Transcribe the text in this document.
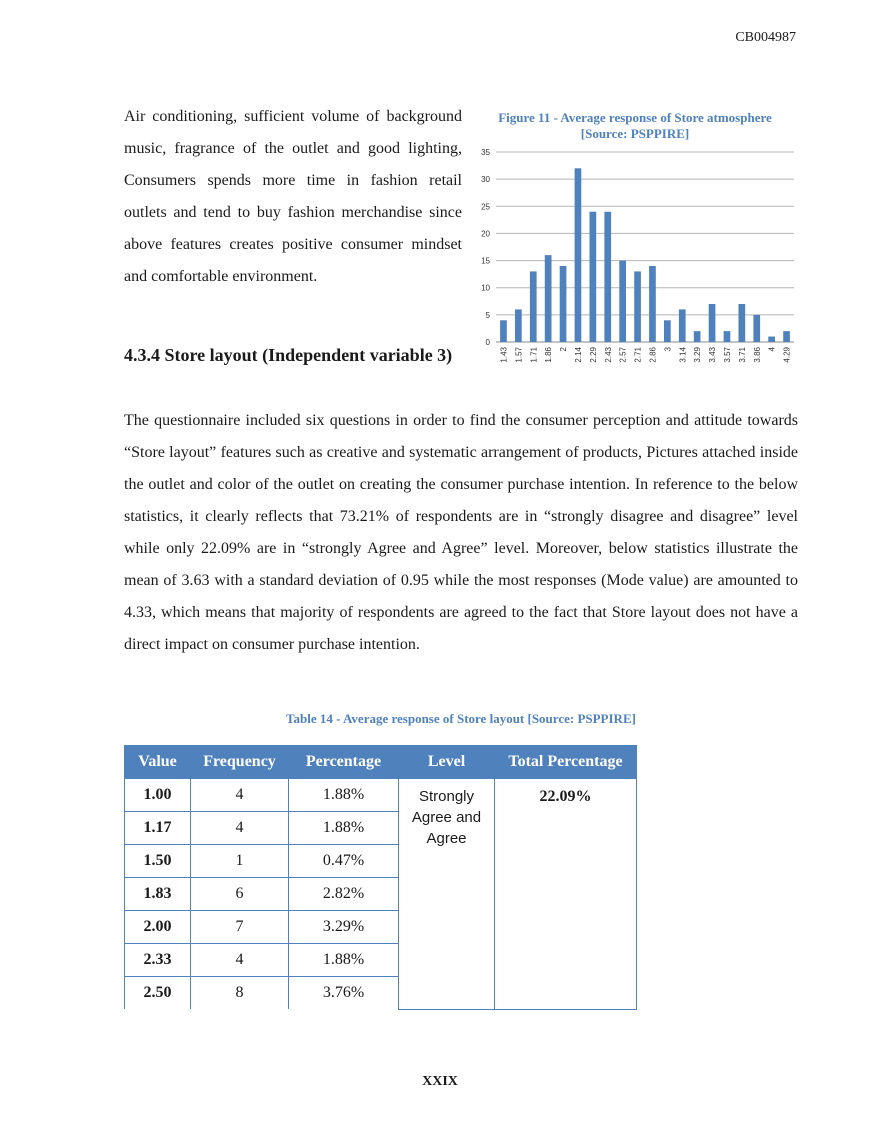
CB004987

Air conditioning, sufficient volume of background music, fragrance of the outlet and good lighting, Consumers spends more time in fashion retail outlets and tend to buy fashion merchandise since above features creates positive consumer mindset and comfortable environment.

Figure 11 - Average response of Store atmosphere
[Source: PSPPIRE]
0
5
10
15
20
25
30
35
1.43 1.57 1.71 1.86 2 2.14 2.29 2.43 2.57 2.71 2.86 3 3.14 3.29 3.43 3.57 3.71 3.86 4 4.29
4.3.4 Store layout (Independent variable 3)

The questionnaire included six questions in order to find the consumer perception and attitude towards “Store layout” features such as creative and systematic arrangement of products, Pictures attached inside the outlet and color of the outlet on creating the consumer purchase intention. In reference to the below statistics, it clearly reflects that 73.21% of respondents are in “strongly disagree and disagree” level while only 22.09% are in “strongly Agree and Agree” level. Moreover, below statistics illustrate the mean of 3.63 with a standard deviation of 0.95 while the most responses (Mode value) are amounted to 4.33, which means that majority of respondents are agreed to the fact that Store layout does not have a direct impact on consumer purchase intention.

Table 14 - Average response of Store layout [Source: PSPPIRE]
Value	Frequency	Percentage	Level	Total Percentage
1.00	4	1.88%	Strongly
Agree and
Agree	22.09%
1.17	4	1.88%		
1.50	1	0.47%		
1.83	6	2.82%		
2.00	7	3.29%		
2.33	4	1.88%		
2.50	8	3.76%		
XXIX
